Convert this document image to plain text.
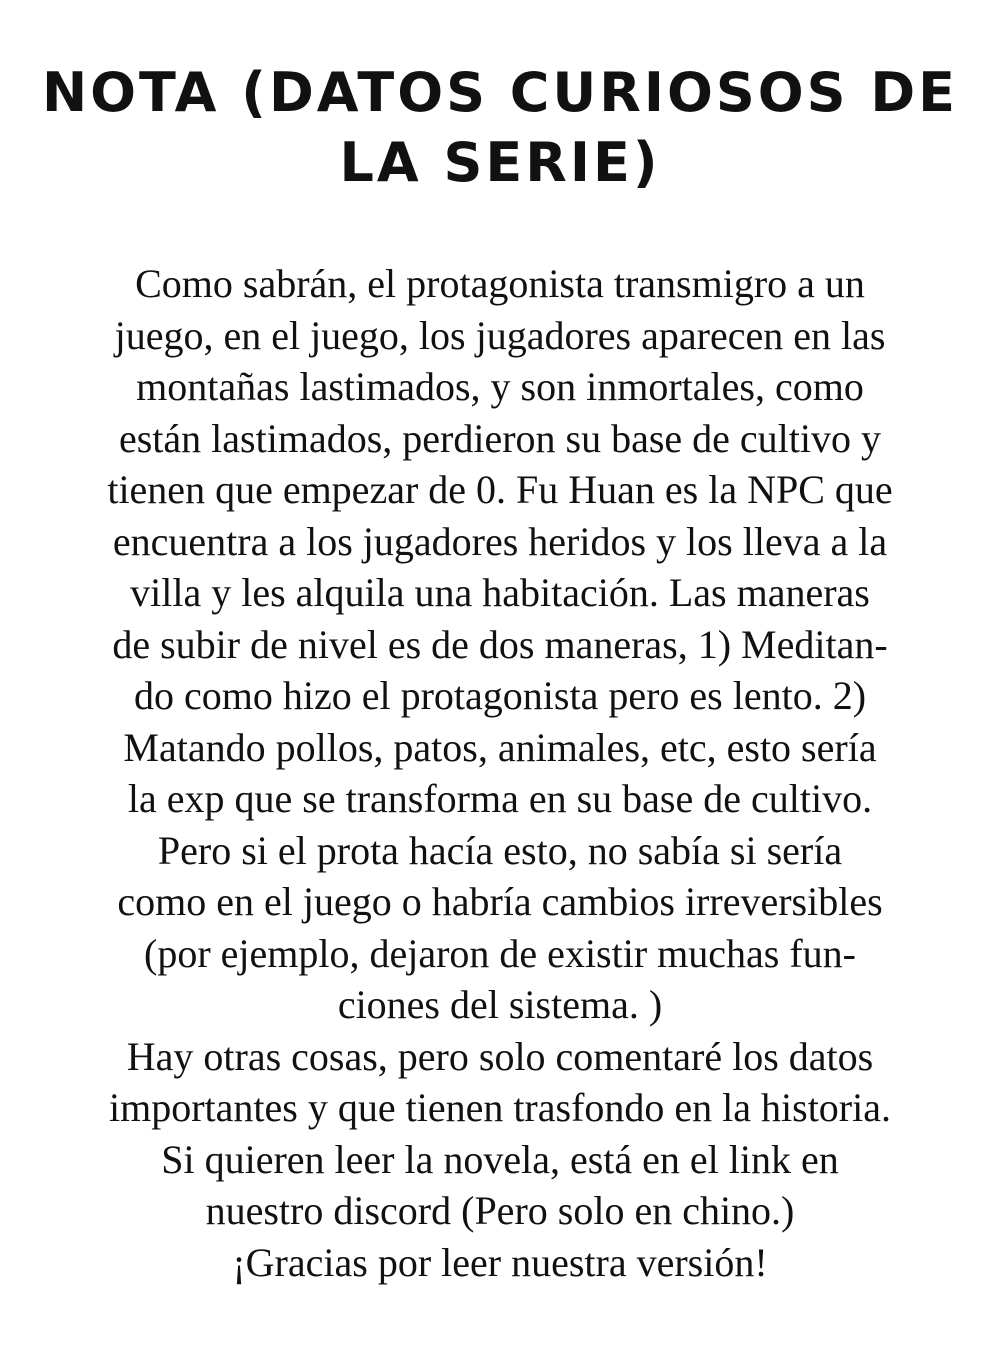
NOTA (DATOS CURIOSOS DE
LA SERIE)
Como sabrán, el protagonista transmigro a un
juego, en el juego, los jugadores aparecen en las
montañas lastimados, y son inmortales, como
están lastimados, perdieron su base de cultivo y
tienen que empezar de 0. Fu Huan es la NPC que
encuentra a los jugadores heridos y los lleva a la
villa y les alquila una habitación. Las maneras
de subir de nivel es de dos maneras, 1) Meditan-
do como hizo el protagonista pero es lento. 2)
Matando pollos, patos, animales, etc, esto sería
la exp que se transforma en su base de cultivo.
Pero si el prota hacía esto, no sabía si sería
como en el juego o habría cambios irreversibles
(por ejemplo, dejaron de existir muchas fun-
ciones del sistema. )
Hay otras cosas, pero solo comentaré los datos
importantes y que tienen trasfondo en la historia.
Si quieren leer la novela, está en el link en
nuestro discord (Pero solo en chino.)
¡Gracias por leer nuestra versión!
